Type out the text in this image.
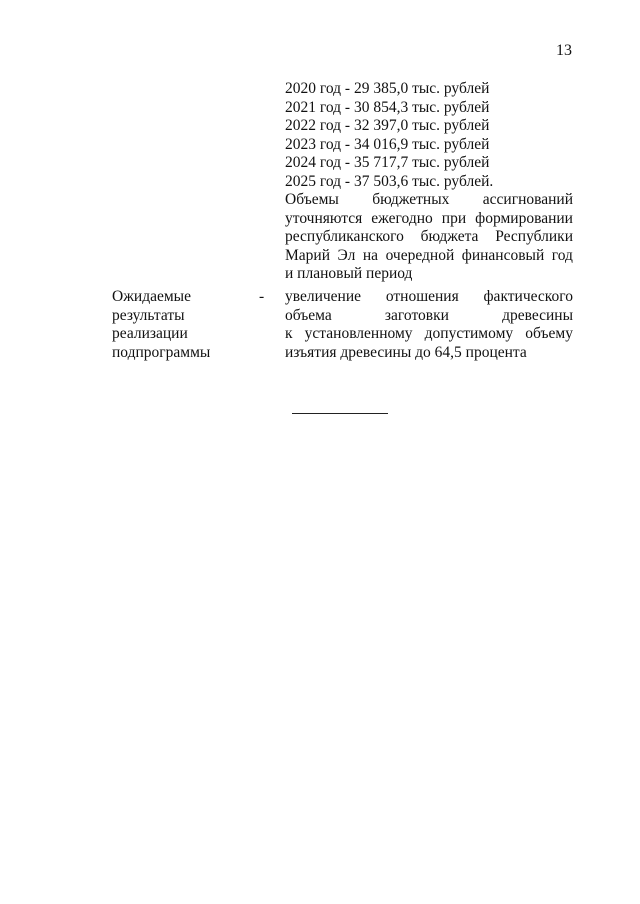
13
2020 год - 29 385,0 тыс. рублей
2021 год - 30 854,3 тыс. рублей
2022 год - 32 397,0 тыс. рублей
2023 год - 34 016,9 тыс. рублей
2024 год - 35 717,7 тыс. рублей
2025 год - 37 503,6 тыс. рублей.
Объемы бюджетных ассигнований
уточняются ежегодно при формировании
республиканского бюджета Республики
Марий Эл на очередной финансовый год
и плановый период
Ожидаемые
результаты
реализации
подпрограммы
- увеличение отношения фактического
объема	заготовки	древесины
к установленному допустимому объему
изъятия древесины до 64,5 процента
